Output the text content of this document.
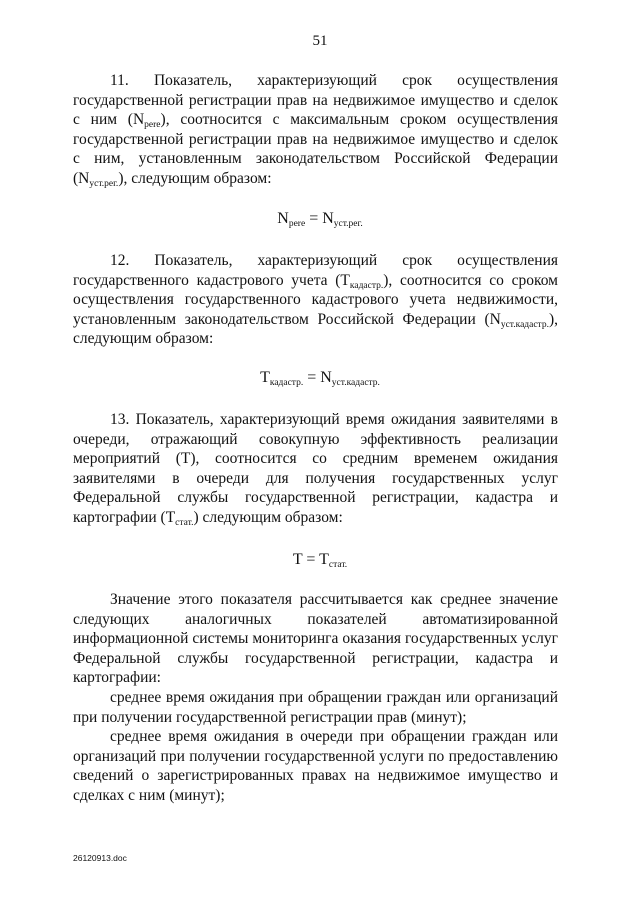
51
11. Показатель, характеризующий срок осуществления государственной регистрации прав на недвижимое имущество и сделок с ним $(N_{perе})$, соотносится с максимальным сроком осуществления государственной регистрации прав на недвижимое имущество и сделок с ним, установленным законодательством Российской Федерации $(N_{уст.рег.})$, следующим образом:
$N_{perе} = N_{уст.рег.}$
12. Показатель, характеризующий срок осуществления государственного кадастрового учета $(T_{кадастр.})$, соотносится со сроком осуществления государственного кадастрового учета недвижимости, установленным законодательством Российской Федерации $(N_{уст.кадастр.})$, следующим образом:
$T_{кадастр.} = N_{уст.кадастр.}$
13. Показатель, характеризующий время ожидания заявителями в очереди, отражающий совокупную эффективность реализации мероприятий (T), соотносится со средним временем ожидания заявителями в очереди для получения государственных услуг Федеральной службы государственной регистрации, кадастра и картографии $(T_{стат.})$ следующим образом:
$T = T_{стат.}$
Значение этого показателя рассчитывается как среднее значение следующих аналогичных показателей автоматизированной информационной системы мониторинга оказания государственных услуг Федеральной службы государственной регистрации, кадастра и картографии:
среднее время ожидания при обращении граждан или организаций при получении государственной регистрации прав (минут);
среднее время ожидания в очереди при обращении граждан или организаций при получении государственной услуги по предоставлению сведений о зарегистрированных правах на недвижимое имущество и сделках с ним (минут);
26120913.doc
